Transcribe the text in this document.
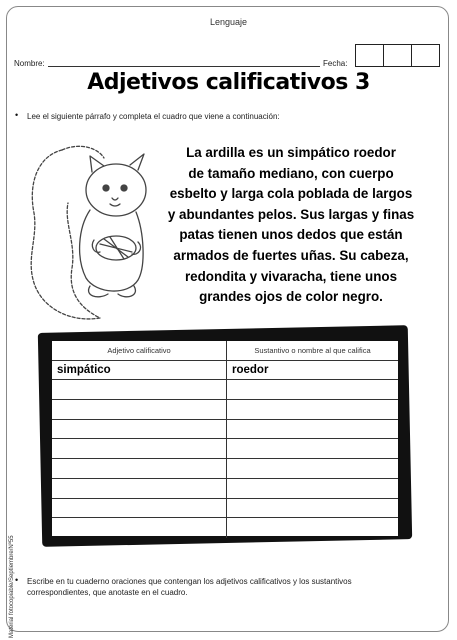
Lenguaje
Nombre:	Fecha:
Adjetivos calificativos 3
• Lee el siguiente párrafo y completa el cuadro que viene a continuación:
La ardilla es un simpático roedor
de tamaño mediano, con cuerpo
esbelto y larga cola poblada de largos
y abundantes pelos. Sus largas y finas
patas tienen unos dedos que están
armados de fuertes uñas. Su cabeza,
redondita y vivaracha, tiene unos
grandes ojos de color negro.
Adjetivo calificativo	Sustantivo o nombre al que califica
simpático	roedor
Material fotocopiable/Septiembre/Nº55 • Escribe en tu cuaderno oraciones que contengan los adjetivos calificativos y los sustantivos
correspondientes, que anotaste en el cuadro.
